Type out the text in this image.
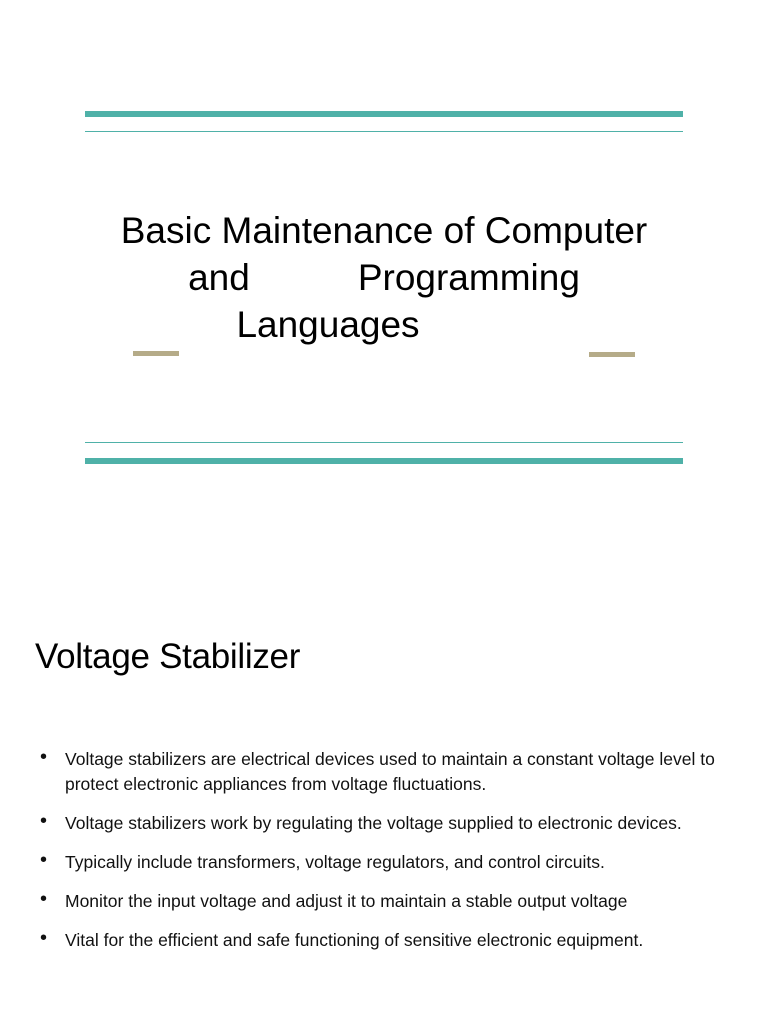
Basic Maintenance of Computer
and	Programming
Languages
Voltage Stabilizer
• Voltage stabilizers are electrical devices used to maintain a constant voltage level to protect electronic appliances from voltage fluctuations.
• Voltage stabilizers work by regulating the voltage supplied to electronic devices.
• Typically include transformers, voltage regulators, and control circuits.
• Monitor the input voltage and adjust it to maintain a stable output voltage
• Vital for the efficient and safe functioning of sensitive electronic equipment.
